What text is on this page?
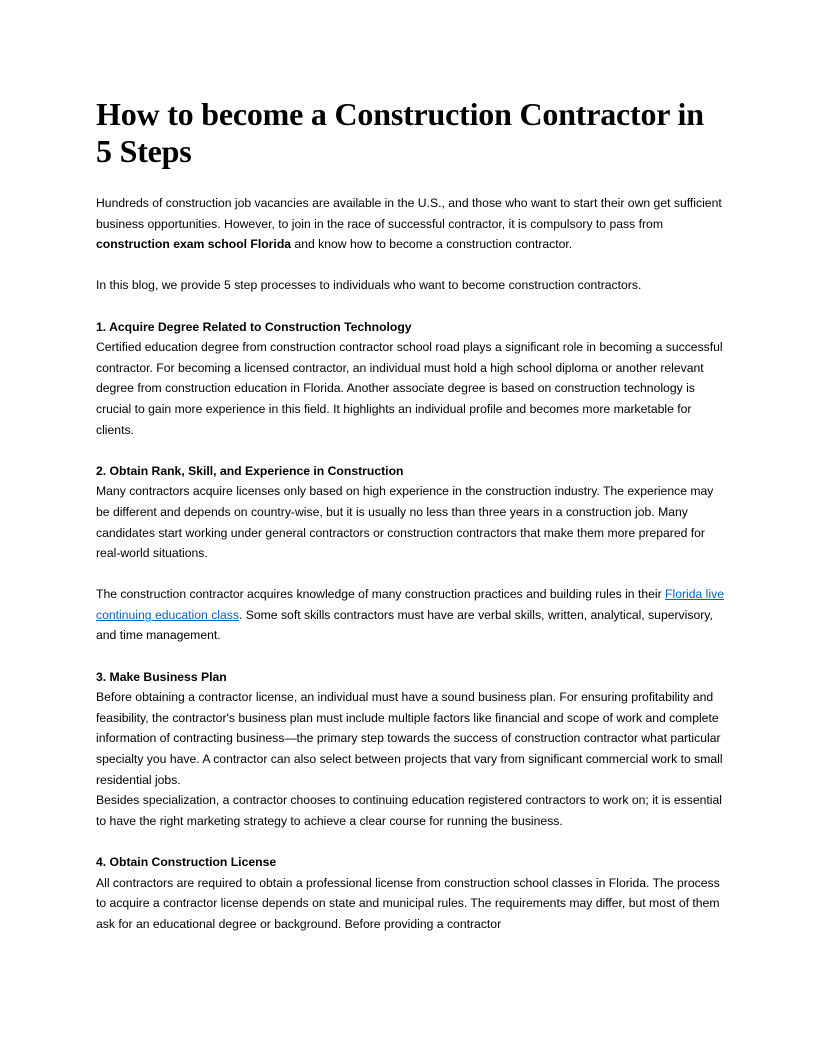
How to become a Construction Contractor in 5 Steps

Hundreds of construction job vacancies are available in the U.S., and those who want to start their own get sufficient business opportunities. However, to join in the race of successful contractor, it is compulsory to pass from construction exam school Florida and know how to become a construction contractor.

In this blog, we provide 5 step processes to individuals who want to become construction contractors.

1. Acquire Degree Related to Construction Technology

Certified education degree from construction contractor school road plays a significant role in becoming a successful contractor. For becoming a licensed contractor, an individual must hold a high school diploma or another relevant degree from construction education in Florida. Another associate degree is based on construction technology is crucial to gain more experience in this field. It highlights an individual profile and becomes more marketable for clients.

2. Obtain Rank, Skill, and Experience in Construction

Many contractors acquire licenses only based on high experience in the construction industry. The experience may be different and depends on country-wise, but it is usually no less than three years in a construction job. Many candidates start working under general contractors or construction contractors that make them more prepared for real-world situations.

The construction contractor acquires knowledge of many construction practices and building rules in their Florida live continuing education class. Some soft skills contractors must have are verbal skills, written, analytical, supervisory, and time management.

3. Make Business Plan

Before obtaining a contractor license, an individual must have a sound business plan. For ensuring profitability and feasibility, the contractor's business plan must include multiple factors like financial and scope of work and complete information of contracting business—the primary step towards the success of construction contractor what particular specialty you have. A contractor can also select between projects that vary from significant commercial work to small residential jobs.

Besides specialization, a contractor chooses to continuing education registered contractors to work on; it is essential to have the right marketing strategy to achieve a clear course for running the business.

4. Obtain Construction License

All contractors are required to obtain a professional license from construction school classes in Florida. The process to acquire a contractor license depends on state and municipal rules. The requirements may differ, but most of them ask for an educational degree or background. Before providing a contractor
